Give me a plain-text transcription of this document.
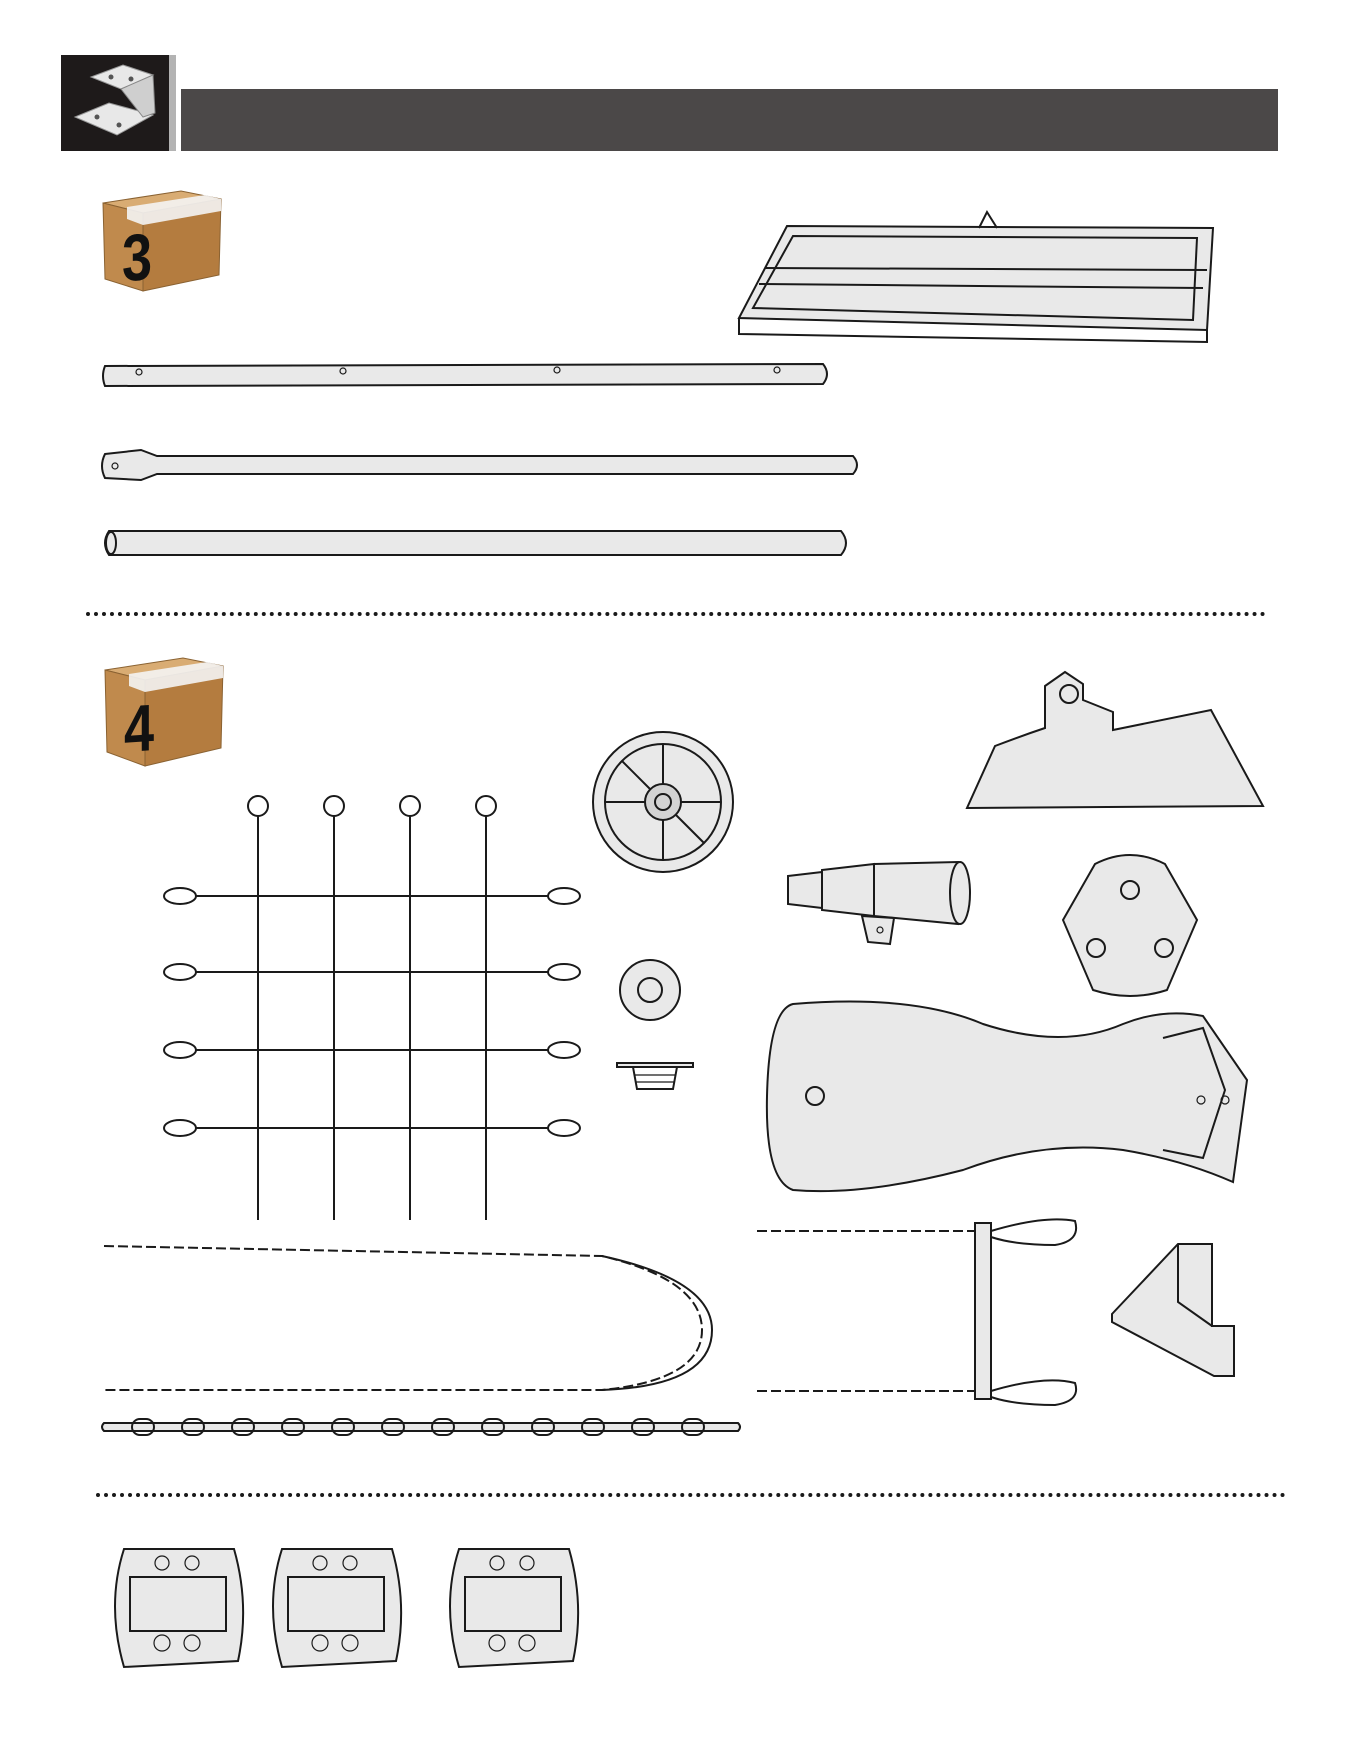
3
4
